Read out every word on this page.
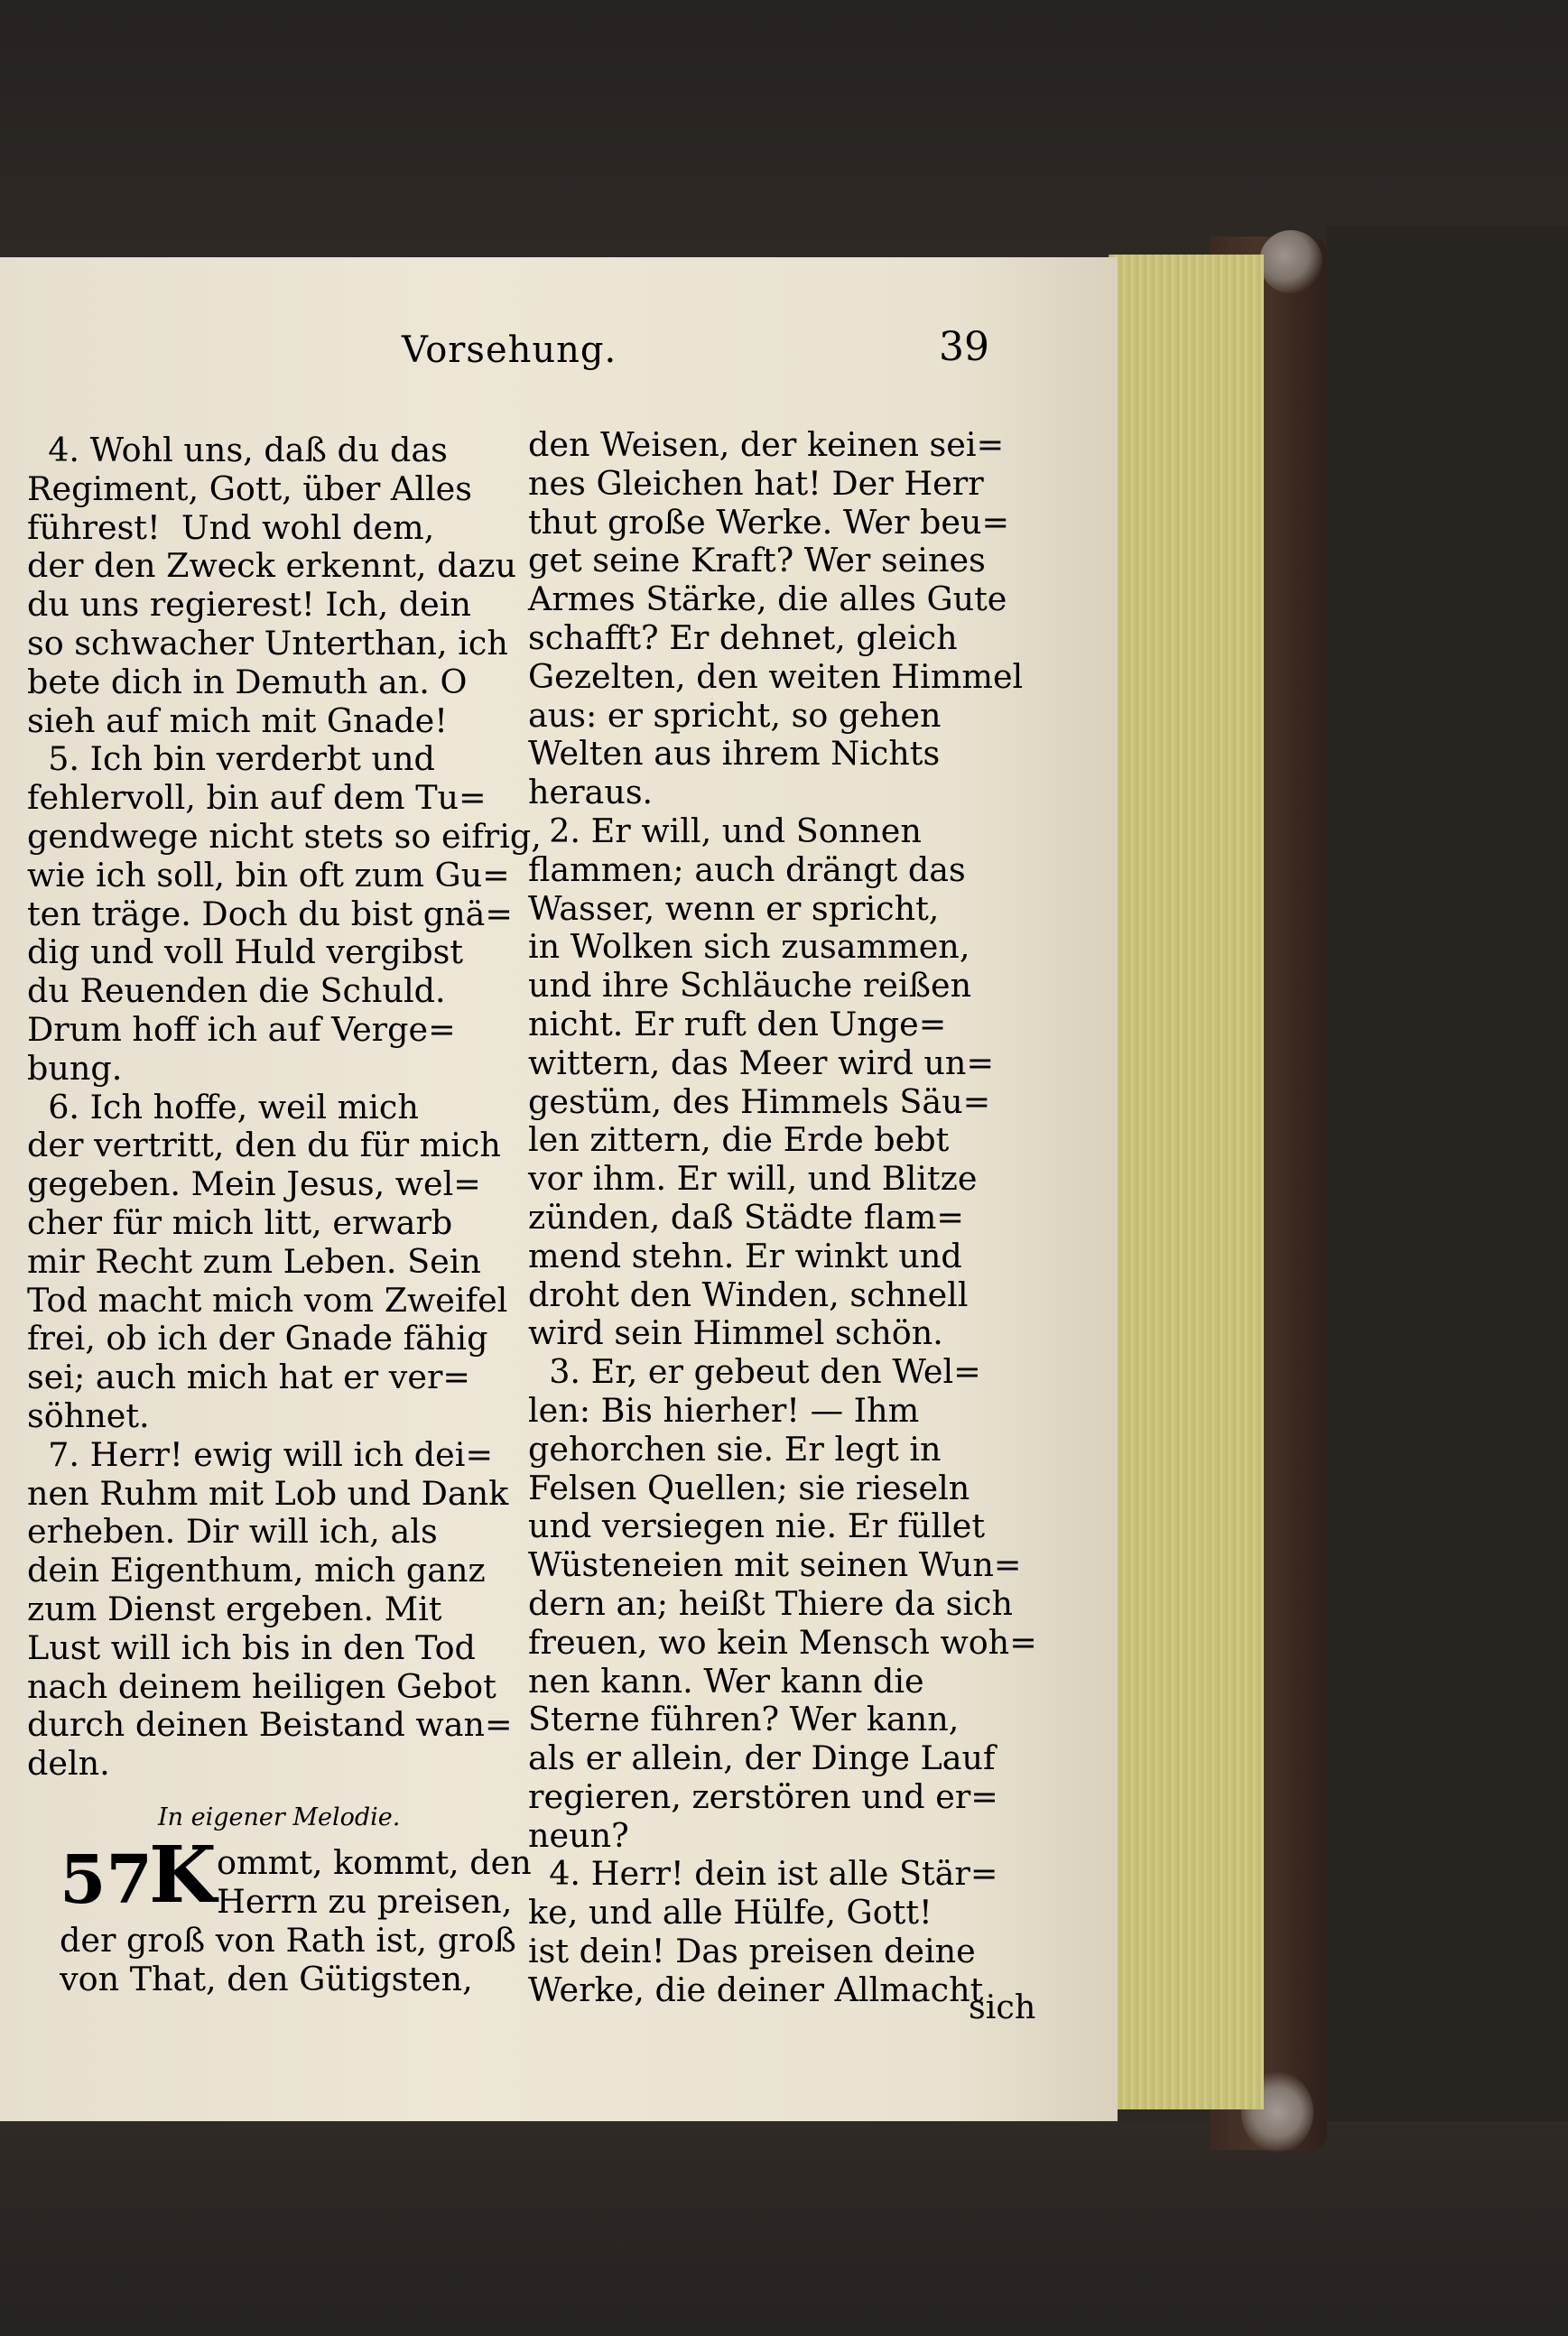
Vorsehung.	39
4. Wohl uns, daß du das
Regiment, Gott, über Alles
führest!  Und wohl dem,
der den Zweck erkennt, dazu
du uns regierest! Ich, dein
so schwacher Unterthan, ich
bete dich in Demuth an. O
sieh auf mich mit Gnade!
5. Ich bin verderbt und
fehlervoll, bin auf dem Tu=
gendwege nicht stets so eifrig,
wie ich soll, bin oft zum Gu=
ten träge. Doch du bist gnä=
dig und voll Huld vergibst
du Reuenden die Schuld.
Drum hoff ich auf Verge=
bung.
6. Ich hoffe, weil mich
der vertritt, den du für mich
gegeben. Mein Jesus, wel=
cher für mich litt, erwarb
mir Recht zum Leben. Sein
Tod macht mich vom Zweifel
frei, ob ich der Gnade fähig
sei; auch mich hat er ver=
söhnet.
7. Herr! ewig will ich dei=
nen Ruhm mit Lob und Dank
erheben. Dir will ich, als
dein Eigenthum, mich ganz
zum Dienst ergeben. Mit
Lust will ich bis in den Tod
nach deinem heiligen Gebot
durch deinen Beistand wan=
deln.
In eigener Melodie.
57
K ommt, kommt, den
Herrn zu preisen,
der groß von Rath ist, groß
von That, den Gütigsten,
den Weisen, der keinen sei=
nes Gleichen hat! Der Herr
thut große Werke. Wer beu=
get seine Kraft? Wer seines
Armes Stärke, die alles Gute
schafft? Er dehnet, gleich
Gezelten, den weiten Himmel
aus: er spricht, so gehen
Welten aus ihrem Nichts
heraus.
2. Er will, und Sonnen
flammen; auch drängt das
Wasser, wenn er spricht,
in Wolken sich zusammen,
und ihre Schläuche reißen
nicht. Er ruft den Unge=
wittern, das Meer wird un=
gestüm, des Himmels Säu=
len zittern, die Erde bebt
vor ihm. Er will, und Blitze
zünden, daß Städte flam=
mend stehn. Er winkt und
droht den Winden, schnell
wird sein Himmel schön.
3. Er, er gebeut den Wel=
len: Bis hierher! — Ihm
gehorchen sie. Er legt in
Felsen Quellen; sie rieseln
und versiegen nie. Er füllet
Wüsteneien mit seinen Wun=
dern an; heißt Thiere da sich
freuen, wo kein Mensch woh=
nen kann. Wer kann die
Sterne führen? Wer kann,
als er allein, der Dinge Lauf
regieren, zerstören und er=
neun?
4. Herr! dein ist alle Stär=
ke, und alle Hülfe, Gott!
ist dein! Das preisen deine
Werke, die deiner Allmacht
sich
